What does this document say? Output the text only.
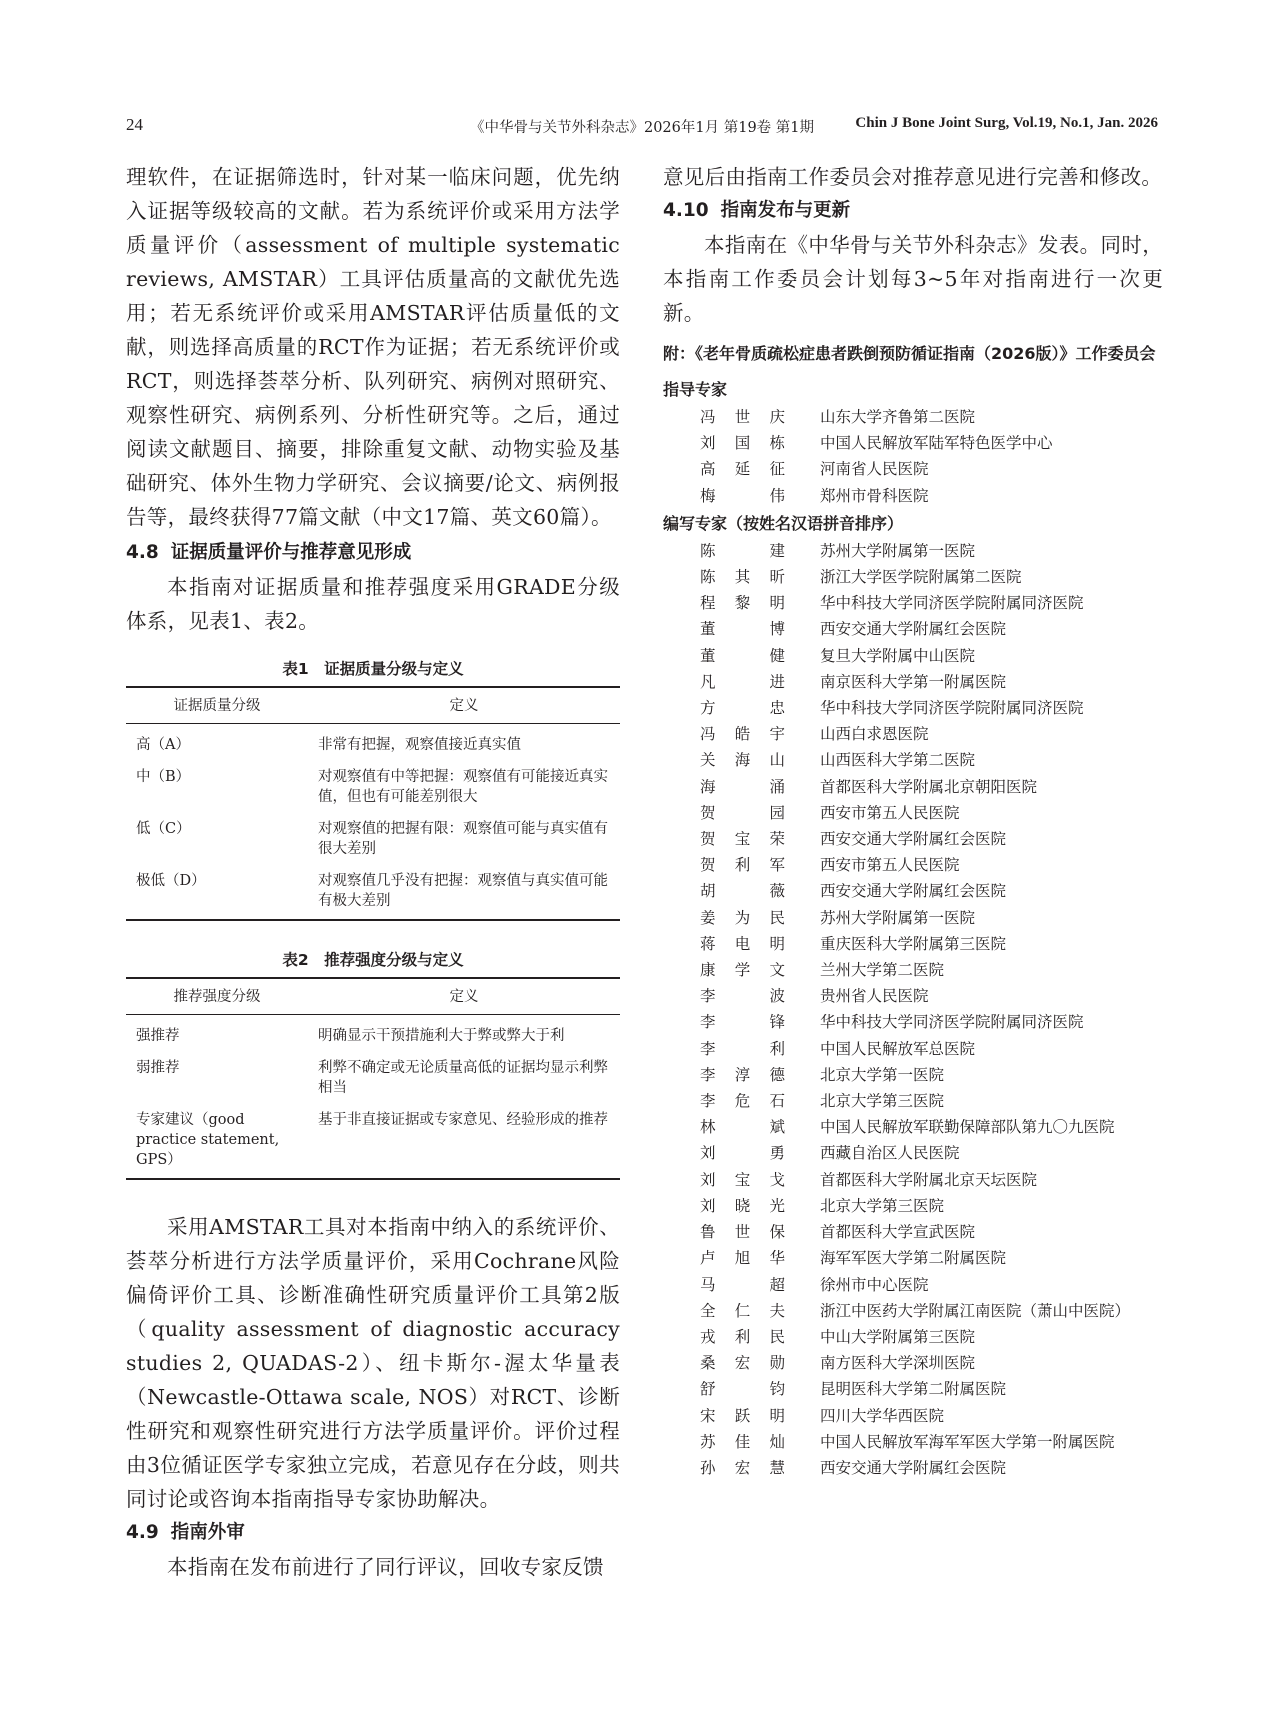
24	《中华骨与关节外科杂志》2026年1月 第19卷 第1期	Chin J Bone Joint Surg, Vol.19, No.1, Jan. 2026

理软件，在证据筛选时，针对某一临床问题，优先纳入证据等级较高的文献。若为系统评价或采用方法学质量评价（assessment of multiple systematic reviews, AMSTAR）工具评估质量高的文献优先选用；若无系统评价或采用AMSTAR评估质量低的文献，则选择高质量的RCT作为证据；若无系统评价或RCT，则选择荟萃分析、队列研究、病例对照研究、观察性研究、病例系列、分析性研究等。之后，通过阅读文献题目、摘要，排除重复文献、动物实验及基础研究、体外生物力学研究、会议摘要/论文、病例报告等，最终获得77篇文献（中文17篇、英文60篇）。

4.8 证据质量评价与推荐意见形成

本指南对证据质量和推荐强度采用GRADE分级体系，见表1、表2。

表1　证据质量分级与定义
证据质量分级	定义
高（A）	非常有把握，观察值接近真实值
中（B）	对观察值有中等把握：观察值有可能接近真实值，但也有可能差别很大
低（C）	对观察值的把握有限：观察值可能与真实值有很大差别
极低（D）	对观察值几乎没有把握：观察值与真实值可能有极大差别
表2　推荐强度分级与定义
推荐强度分级	定义
强推荐	明确显示干预措施利大于弊或弊大于利
弱推荐	利弊不确定或无论质量高低的证据均显示利弊相当
专家建议（good practice statement, GPS）	基于非直接证据或专家意见、经验形成的推荐

采用AMSTAR工具对本指南中纳入的系统评价、荟萃分析进行方法学质量评价，采用Cochrane风险偏倚评价工具、诊断准确性研究质量评价工具第2版（quality assessment of diagnostic accuracy studies 2, QUADAS-2）、纽卡斯尔-渥太华量表（Newcastle-Ottawa scale, NOS）对RCT、诊断性研究和观察性研究进行方法学质量评价。评价过程由3位循证医学专家独立完成，若意见存在分歧，则共同讨论或咨询本指南指导专家协助解决。

4.9 指南外审

本指南在发布前进行了同行评议，回收专家反馈

意见后由指南工作委员会对推荐意见进行完善和修改。

4.10 指南发布与更新

本指南在《中华骨与关节外科杂志》发表。同时，本指南工作委员会计划每3~5年对指南进行一次更新。

附：《老年骨质疏松症患者跌倒预防循证指南（2026版）》工作委员会

指导专家

冯世庆 山东大学齐鲁第二医院
刘国栋 中国人民解放军陆军特色医学中心
高延征 河南省人民医院
梅伟 郑州市骨科医院

编写专家（按姓名汉语拼音排序）

陈建 苏州大学附属第一医院
陈其昕 浙江大学医学院附属第二医院
程黎明 华中科技大学同济医学院附属同济医院
董博 西安交通大学附属红会医院
董健 复旦大学附属中山医院
凡进 南京医科大学第一附属医院
方忠 华中科技大学同济医学院附属同济医院
冯皓宇 山西白求恩医院
关海山 山西医科大学第二医院
海涌 首都医科大学附属北京朝阳医院
贺园 西安市第五人民医院
贺宝荣 西安交通大学附属红会医院
贺利军 西安市第五人民医院
胡薇 西安交通大学附属红会医院
姜为民 苏州大学附属第一医院
蒋电明 重庆医科大学附属第三医院
康学文 兰州大学第二医院
李波 贵州省人民医院
李锋 华中科技大学同济医学院附属同济医院
李利 中国人民解放军总医院
李淳德 北京大学第一医院
李危石 北京大学第三医院
林斌 中国人民解放军联勤保障部队第九〇九医院
刘勇 西藏自治区人民医院
刘宝戈 首都医科大学附属北京天坛医院
刘晓光 北京大学第三医院
鲁世保 首都医科大学宣武医院
卢旭华 海军军医大学第二附属医院
马超 徐州市中心医院
全仁夫 浙江中医药大学附属江南医院（萧山中医院）
戎利民 中山大学附属第三医院
桑宏勋 南方医科大学深圳医院
舒钧 昆明医科大学第二附属医院
宋跃明 四川大学华西医院
苏佳灿 中国人民解放军海军军医大学第一附属医院
孙宏慧 西安交通大学附属红会医院
